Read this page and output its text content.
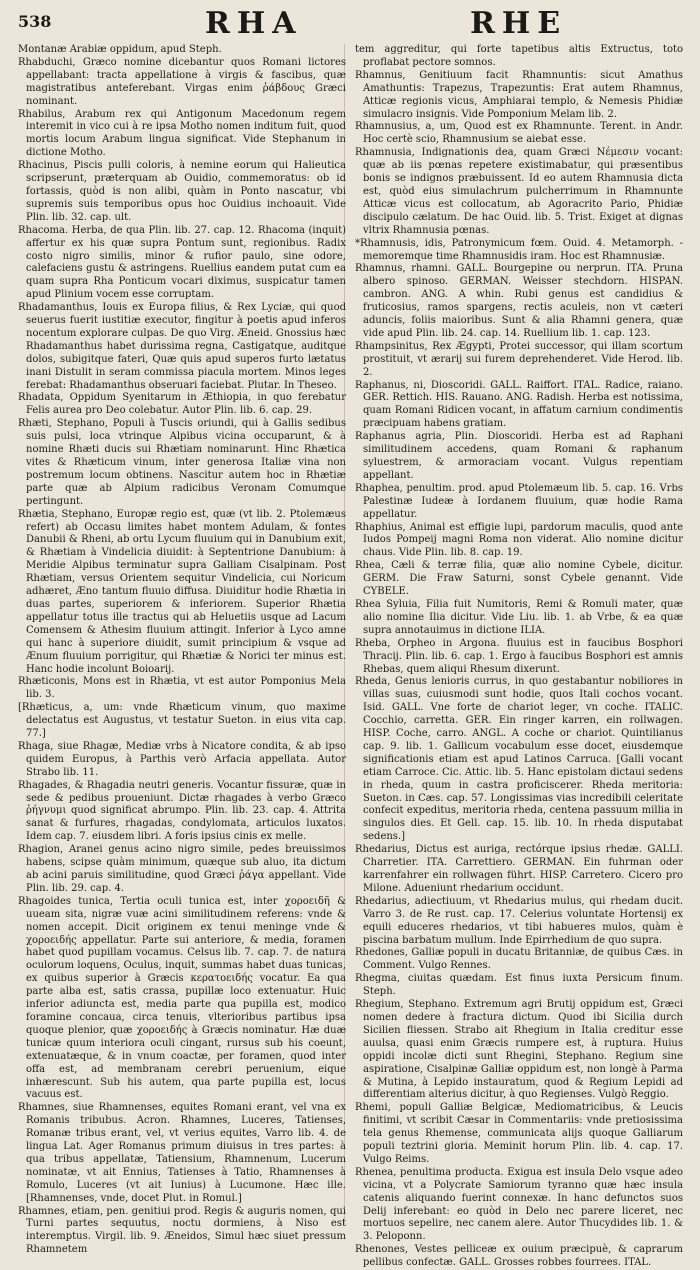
538	RHA	RHE

Montanæ Arabiæ oppidum, apud Steph.

Rhabduchi, Græco nomine dicebantur quos Romani lictores appellabant: tracta appellatione à virgis & fascibus, quæ magistratibus anteferebant. Virgas enim ῥάβδους Græci nominant.

Rhabilus, Arabum rex qui Antigonum Macedonum regem interemit in vico cui à re ipsa Motho nomen inditum fuit, quod mortis locum Arabum lingua significat. Vide Stephanum in dictione Motho.

Rhacinus, Piscis pulli coloris, à nemine eorum qui Halieutica scripserunt, præterquam ab Ouidio, commemoratus: ob id fortassis, quòd is non alibi, quàm in Ponto nascatur, vbi supremis suis temporibus opus hoc Ouidius inchoauit. Vide Plin. lib. 32. cap. ult.

Rhacoma. Herba, de qua Plin. lib. 27. cap. 12. Rhacoma (inquit) affertur ex his quæ supra Pontum sunt, regionibus. Radix costo nigro similis, minor & rufior paulo, sine odore, calefaciens gustu & astringens. Ruellius eandem putat cum ea quam supra Rha Ponticum vocari diximus, suspicatur tamen apud Plinium vocem esse corruptam.

Rhadamanthus, Iouis ex Europa filius, & Rex Lyciæ, qui quod seuerus fuerit iustitiæ executor, fingitur à poetis apud inferos nocentum explorare culpas. De quo Virg. Æneid. Gnossius hæc Rhadamanthus habet durissima regna, Castigatque, auditque dolos, subigitque fateri, Quæ quis apud superos furto lætatus inani Distulit in seram commissa piacula mortem. Minos leges ferebat: Rhadamanthus obseruari faciebat. Plutar. In Theseo.

Rhadata, Oppidum Syenitarum in Æthiopia, in quo ferebatur Felis aurea pro Deo colebatur. Autor Plin. lib. 6. cap. 29.

Rhæti, Stephano, Populi à Tuscis oriundi, qui à Gallis sedibus suis pulsi, loca vtrinque Alpibus vicina occuparunt, & à nomine Rhæti ducis sui Rhætiam nominarunt. Hinc Rhætica vites & Rhæticum vinum, inter generosa Italiæ vina non postremum locum obtinens. Nascitur autem hoc in Rhætiæ parte quæ ab Alpium radicibus Veronam Comumque pertingunt.

Rhætia, Stephano, Europæ regio est, quæ (vt lib. 2. Ptolemæus refert) ab Occasu limites habet montem Adulam, & fontes Danubii & Rheni, ab ortu Lycum fluuium qui in Danubium exit, & Rhætiam à Vindelicia diuidit: à Septentrione Danubium: à Meridie Alpibus terminatur supra Galliam Cisalpinam. Post Rhætiam, versus Orientem sequitur Vindelicia, cui Noricum adhæret, Æno tantum fluuio diffusa. Diuiditur hodie Rhætia in duas partes, superiorem & inferiorem. Superior Rhætia appellatur totus ille tractus qui ab Heluetiis usque ad Lacum Comensem & Athesim fluuium attingit. Inferior à Lyco amne qui hanc à superiore diuidit, sumit principium & vsque ad Ænum fluuium porrigitur, qui Rhætiæ & Norici ter minus est. Hanc hodie incolunt Boioarij.

Rhæticonis, Mons est in Rhætia, vt est autor Pomponius Mela lib. 3.

[Rhæticus, a, um: vnde Rhæticum vinum, quo maxime delectatus est Augustus, vt testatur Sueton. in eius vita cap. 77.]

Rhaga, siue Rhagæ, Mediæ vrbs à Nicatore condita, & ab ipso quidem Europus, à Parthis verò Arfacia appellata. Autor Strabo lib. 11.

Rhagades, & Rhagadia neutri generis. Vocantur fissuræ, quæ in sede & pedibus proueniunt. Dictæ rhagades à verbo Græco ῥήγνυμι quod significat abrumpo. Plin. lib. 23. cap. 4. Attrita sanat & furfures, rhagadas, condylomata, articulos luxatos. Idem cap. 7. eiusdem libri. A foris ipsius cinis ex melle.

Rhagion, Aranei genus acino nigro simile, pedes breuissimos habens, scipse quàm minimum, quæque sub aluo, ita dictum ab acini paruis similitudine, quod Græci ῥάγα appellant. Vide Plin. lib. 29. cap. 4.

Rhagoides tunica, Tertia oculi tunica est, inter χοροειδῆ & uueam sita, nigræ vuæ acini similitudinem referens: vnde & nomen accepit. Dicit originem ex tenui meninge vnde & χοροειδής appellatur. Parte sui anteriore, & media, foramen habet quod pupillam vocamus. Celsus lib. 7. cap. 7. de natura oculorum loquens, Oculus, inquit, summas habet duas tunicas, ex quibus superior à Græcis κερατοειδής vocatur. Ea qua parte alba est, satis crassa, pupillæ loco extenuatur. Huic inferior adiuncta est, media parte qua pupilla est, modico foramine concaua, circa tenuis, vlterioribus partibus ipsa quoque plenior, quæ χοροειδής à Græcis nominatur. Hæ duæ tunicæ quum interiora oculi cingant, rursus sub his coeunt, extenuatæque, & in vnum coactæ, per foramen, quod inter offa est, ad membranam cerebri peruenium, eique inhærescunt. Sub his autem, qua parte pupilla est, locus vacuus est.

Rhamnes, siue Rhamnenses, equites Romani erant, vel vna ex Romanis tribubus. Acron. Rhamnes, Luceres, Tatienses, Romanæ tribus erant, vel, vt verius equites, Varro lib. 4. de lingua Lat. Ager Romanus primum diuisus in tres partes: à qua tribus appellatæ, Tatiensium, Rhamnenum, Lucerum nominatæ, vt ait Ennius, Tatienses à Tatio, Rhamnenses à Romulo, Luceres (vt ait Iunius) à Lucumone. Hæc ille. [Rhamnenses, vnde, docet Plut. in Romul.]

Rhamnes, etiam, pen. genitiui prod. Regis & auguris nomen, qui Turni partes sequutus, noctu dormiens, à Niso est interemptus. Virgil. lib. 9. Æneidos, Simul hæc siuet pressum Rhamnetem

tem aggreditur, qui forte tapetibus altis Extructus, toto proflabat pectore somnos.

Rhamnus, Genitiuum facit Rhamnuntis: sicut Amathus Amathuntis: Trapezus, Trapezuntis: Erat autem Rhamnus, Atticæ regionis vicus, Amphiarai templo, & Nemesis Phidiæ simulacro insignis. Vide Pomponium Melam lib. 2.

Rhamnusius, a, um, Quod est ex Rhamnunte. Terent. in Andr. Hoc certè scio, Rhamnusium se aiebat esse.

Rhamnusia, Indignationis dea, quam Græci Νέμεσιν vocant: quæ ab iis pœnas repetere existimabatur, qui præsentibus bonis se indignos præbuissent. Id eo autem Rhamnusia dicta est, quòd eius simulachrum pulcherrimum in Rhamnunte Atticæ vicus est collocatum, ab Agoracrito Pario, Phidiæ discipulo cælatum. De hac Ouid. lib. 5. Trist. Exiget at dignas vltrix Rhamnusia pœnas.

*Rhamnusis, idis, Patronymicum fœm. Ouid. 4. Metamorph. -memoremque time Rhamnusidis iram. Hoc est Rhamnusiæ.

Rhamnus, rhamni. GALL. Bourgepine ou nerprun. ITA. Pruna albero spinoso. GERMAN. Weisser stechdorn. HISPAN. cambron. ANG. A whin. Rubi genus est candidius & fruticosius, ramos spargens, rectis aculeis, non vt cæteri aduncis, foliis maioribus. Sunt & alia Rhamni genera, quæ vide apud Plin. lib. 24. cap. 14. Ruellium lib. 1. cap. 123.

Rhampsinitus, Rex Ægypti, Protei successor, qui illam scortum prostituit, vt ærarij sui furem deprehenderet. Vide Herod. lib. 2.

Raphanus, ni, Dioscoridi. GALL. Raiffort. ITAL. Radice, raiano. GER. Rettich. HIS. Rauano. ANG. Radish. Herba est notissima, quam Romani Ridicen vocant, in affatum carnium condimentis præcipuam habens gratiam.

Raphanus agria, Plin. Dioscoridi. Herba est ad Raphani similitudinem accedens, quam Romani & raphanum syluestrem, & armoraciam vocant. Vulgus repentiam appellant.

Rhaphea, penultim. prod. apud Ptolemæum lib. 5. cap. 16. Vrbs Palestinæ Iudeæ à Iordanem fluuium, quæ hodie Rama appellatur.

Rhaphius, Animal est effigie lupi, pardorum maculis, quod ante Iudos Pompeij magni Roma non viderat. Alio nomine dicitur chaus. Vide Plin. lib. 8. cap. 19.

Rhea, Cæli & terræ filia, quæ alio nomine Cybele, dicitur. GERM. Die Fraw Saturni, sonst Cybele genannt. Vide CYBELE.

Rhea Syluia, Filia fuit Numitoris, Remi & Romuli mater, quæ alio nomine Ilia dicitur. Vide Liu. lib. 1. ab Vrbe, & ea quæ supra annotauimus in dictione ILIA.

Rheba, Orpheo in Argona. fluuius est in faucibus Bosphori Thracij. Plin. lib. 6. cap. 1. Ergo à faucibus Bosphori est amnis Rhebas, quem aliqui Rhesum dixerunt.

Rheda, Genus lenioris currus, in quo gestabantur nobiliores in villas suas, cuiusmodi sunt hodie, quos Itali cochos vocant. Isid. GALL. Vne forte de chariot leger, vn coche. ITALIC. Cocchio, carretta. GER. Ein ringer karren, ein rollwagen. HISP. Coche, carro. ANGL. A coche or chariot. Quintilianus cap. 9. lib. 1. Gallicum vocabulum esse docet, eiusdemque significationis etiam est apud Latinos Carruca. [Galli vocant etiam Carroce. Cic. Attic. lib. 5. Hanc epistolam dictaui sedens in rheda, quum in castra proficiscerer. Rheda meritoria: Sueton. in Cæs. cap. 57. Longissimas vias incredibili celeritate confecit expeditus, meritoria rheda, centena passuum millia in singulos dies. Et Gell. cap. 15. lib. 10. In rheda disputabat sedens.]

Rhedarius, Dictus est auriga, rectórque ipsius rhedæ. GALLI. Charretier. ITA. Carrettiero. GERMAN. Ein fuhrman oder karrenfahrer ein rollwagen führt. HISP. Carretero. Cicero pro Milone. Adueniunt rhedarium occidunt.

Rhedarius, adiectiuum, vt Rhedarius mulus, qui rhedam ducit. Varro 3. de Re rust. cap. 17. Celerius voluntate Hortensij ex equili educeres rhedarios, vt tibi habueres mulos, quàm è piscina barbatum mullum. Inde Epirrhedium de quo supra.

Rhedones, Galliæ populi in ducatu Britanniæ, de quibus Cæs. in Comment. Vulgo Rennes.

Rhegma, ciuitas quædam. Est finus iuxta Persicum finum. Steph.

Rhegium, Stephano. Extremum agri Brutij oppidum est, Græci nomen dedere à fractura dictum. Quod ibi Sicilia durch Sicilien fliessen. Strabo ait Rhegium in Italia creditur esse auulsa, quasi enim Græcis rumpere est, à ruptura. Huius oppidi incolæ dicti sunt Rhegini, Stephano. Regium sine aspiratione, Cisalpinæ Galliæ oppidum est, non longè à Parma & Mutina, à Lepido instauratum, quod & Regium Lepidi ad differentiam alterius dicitur, à quo Regienses. Vulgò Reggio.

Rhemi, populi Galliæ Belgicæ, Mediomatricibus, & Leucis finitimi, vt scribit Cæsar in Commentariis: vnde pretiosissima tela genus Rhemense, communicata alijs quoque Galliarum populi teztrini gloria. Meminit horum Plin. lib. 4. cap. 17. Vulgo Reims.

Rhenea, penultima producta. Exigua est insula Delo vsque adeo vicina, vt a Polycrate Samiorum tyranno quæ hæc insula catenis aliquando fuerint connexæ. In hanc defunctos suos Delij inferebant: eo quòd in Delo nec parere liceret, nec mortuos sepelire, nec canem alere. Autor Thucydides lib. 1. & 3. Peloponn.

Rhenones, Vestes pelliceæ ex ouium præcipuè, & caprarum pellibus confectæ. GALL. Grosses robbes fourrees. ITAL.
